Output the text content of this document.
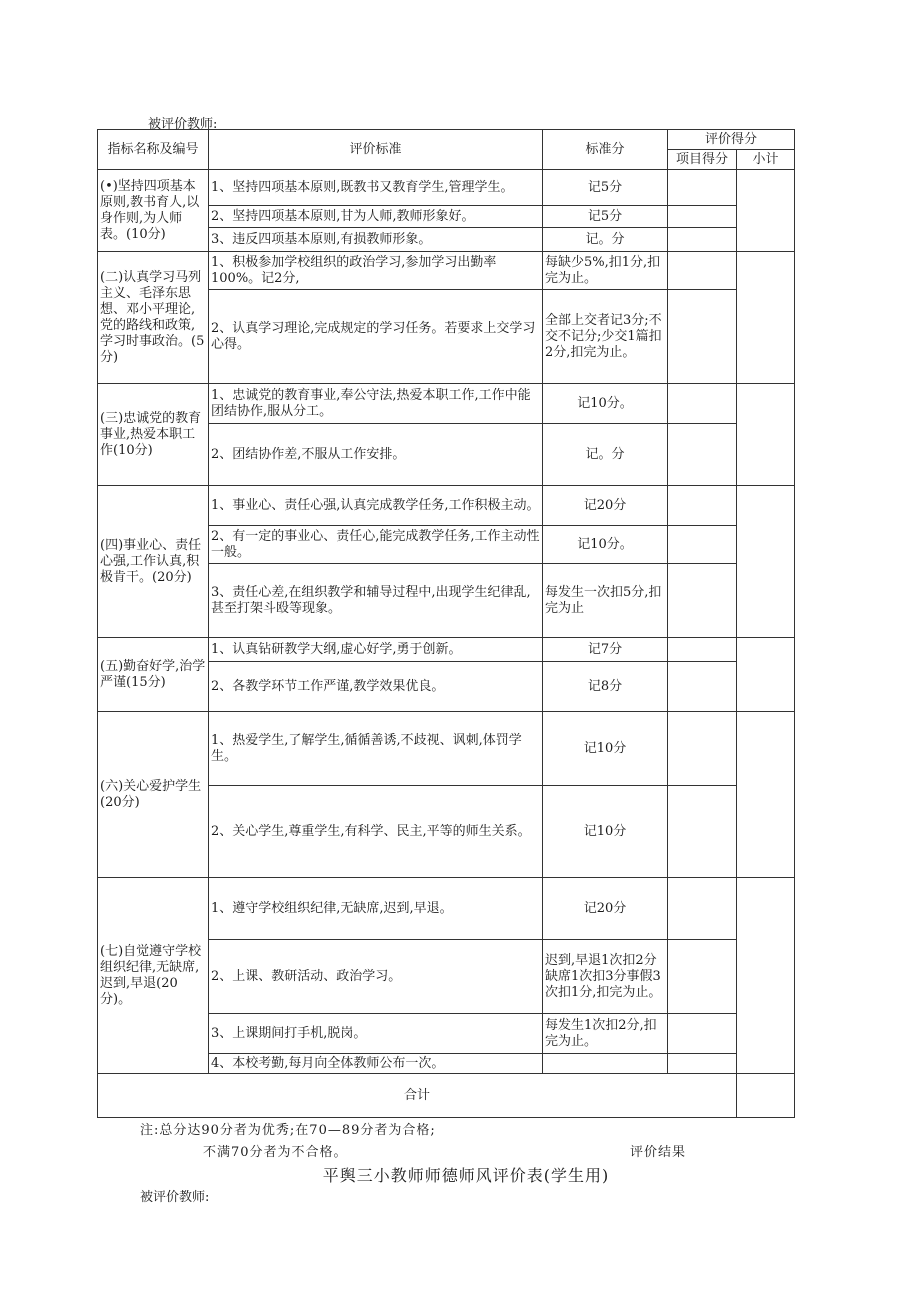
被评价教师:
指标名称及编号	评价标准	标准分	评价得分	
			项目得分	小计
(•)坚持四项基本原则,教书育人,以身作则,为人师表。(10分)	1、坚持四项基本原则,既教书又教育学生,管理学生。	记5分		
	2、坚持四项基本原则,甘为人师,教师形象好。	记5分		
	3、违反四项基本原则,有损教师形象。	记。分		
(二)认真学习马列主义、毛泽东思想、邓小平理论,党的路线和政策,学习时事政治。(5分)	1、积极参加学校组织的政治学习,参加学习出勤率100%。记2分,	每缺少5%,扣1分,扣完为止。		
	2、认真学习理论,完成规定的学习任务。若要求上交学习心得。	全部上交者记3分;不交不记分;少交1篇扣2分,扣完为止。		
(三)忠诚党的教育事业,热爱本职工作(10分)	1、忠诚党的教育事业,奉公守法,热爱本职工作,工作中能团结协作,服从分工。	记10分。		
	2、团结协作差,不服从工作安排。	记。分		
(四)事业心、责任心强,工作认真,积极肯干。(20分)	1、事业心、责任心强,认真完成教学任务,工作积极主动。	记20分		
	2、有一定的事业心、责任心,能完成教学任务,工作主动性一般。	记10分。		
	3、责任心差,在组织教学和辅导过程中,出现学生纪律乱,甚至打架斗殴等现象。	每发生一次扣5分,扣完为止		
(五)勤奋好学,治学严谨(15分)	1、认真钻研教学大纲,虚心好学,勇于创新。	记7分		
	2、各教学环节工作严谨,教学效果优良。	记8分		
(六)关心爱护学生(20分)	1、热爱学生,了解学生,循循善诱,不歧视、讽刺,体罚学生。	记10分		
	2、关心学生,尊重学生,有科学、民主,平等的师生关系。	记10分		
(七)自觉遵守学校组织纪律,无缺席,迟到,早退(20分)。	1、遵守学校组织纪律,无缺席,迟到,早退。	记20分		
	2、上课、教研活动、政治学习。	迟到,早退1次扣2分缺席1次扣3分事假3次扣1分,扣完为止。		
	3、上课期间打手机,脱岗。	每发生1次扣2分,扣完为止。		
	4、本校考勤,每月向全体教师公布一次。			
合计				
注:总分达90分者为优秀;在70—89分者为合格;
不满70分者为不合格。	评价结果
平舆三小教师师德师风评价表(学生用)
被评价教师:
